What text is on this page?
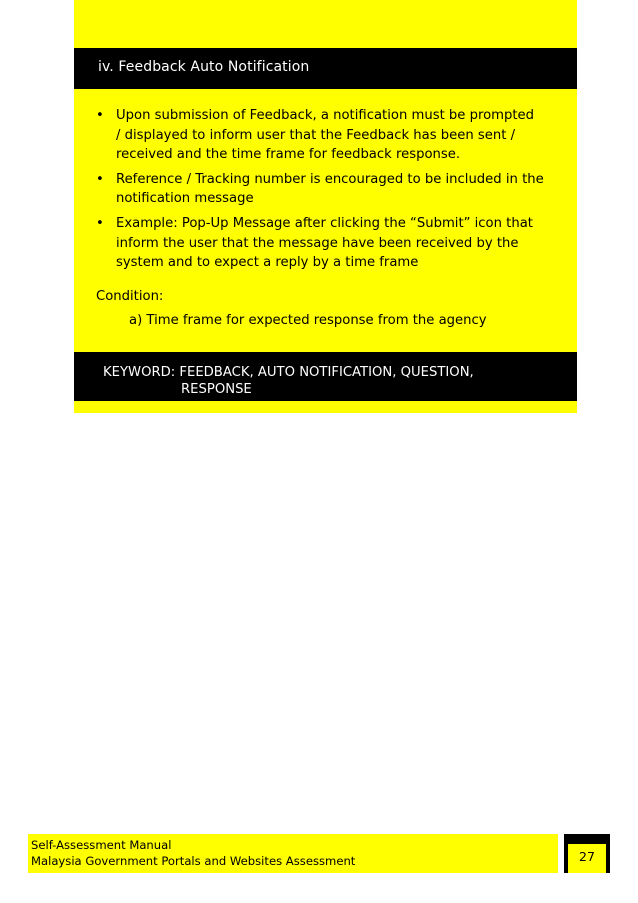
iv. Feedback Auto Notification
• Upon submission of Feedback, a notification must be prompted
/ displayed to inform user that the Feedback has been sent /
received and the time frame for feedback response.
• Reference / Tracking number is encouraged to be included in the
notification message
• Example: Pop-Up Message after clicking the “Submit” icon that
inform the user that the message have been received by the
system and to expect a reply by a time frame
Condition:
a) Time frame for expected response from the agency
KEYWORD: FEEDBACK, AUTO NOTIFICATION, QUESTION,
RESPONSE
Self-Assessment Manual
Malaysia Government Portals and Websites Assessment	27
